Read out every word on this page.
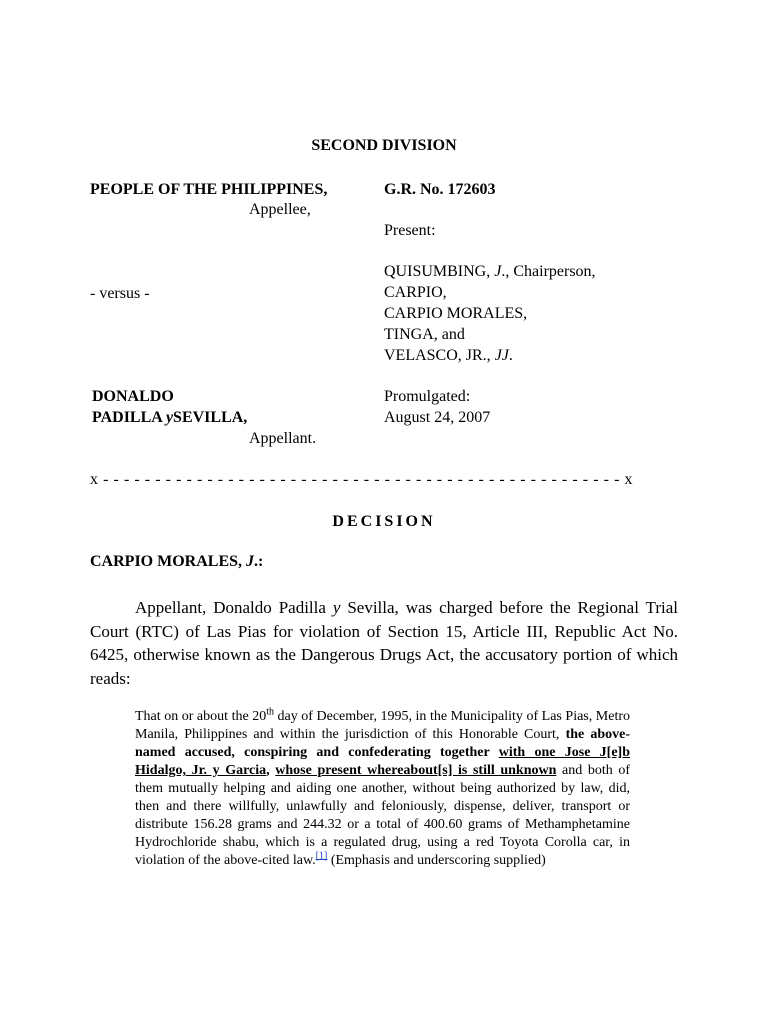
SECOND DIVISION
PEOPLE OF THE PHILIPPINES,
Appellee,
- versus -
DONALDO
PADILLA ySEVILLA,
Appellant.
G.R. No. 172603
Present:
QUISUMBING, J., Chairperson,
CARPIO,
CARPIO MORALES,
TINGA, and
VELASCO, JR., JJ.
Promulgated:
August 24, 2007
x - - - - - - - - - - - - - - - - - - - - - - - - - - - - - - - - - - - - - - - - - - - - - - - - - - x
DECISION
CARPIO MORALES, J.:
Appellant, Donaldo Padilla y Sevilla, was charged before the Regional Trial Court (RTC) of Las Pias for violation of Section 15, Article III, Republic Act No. 6425, otherwise known as the Dangerous Drugs Act, the accusatory portion of which reads:
That on or about the 20th day of December, 1995, in the Municipality of Las Pias, Metro Manila, Philippines and within the jurisdiction of this Honorable Court, the above-named accused, conspiring and confederating together with one Jose J[e]b Hidalgo, Jr. y Garcia, whose present whereabout[s] is still unknown and both of them mutually helping and aiding one another, without being authorized by law, did, then and there willfully, unlawfully and feloniously, dispense, deliver, transport or distribute 156.28 grams and 244.32 or a total of 400.60 grams of Methamphetamine Hydrochloride shabu, which is a regulated drug, using a red Toyota Corolla car, in violation of the above-cited law.[1] (Emphasis and underscoring supplied)
